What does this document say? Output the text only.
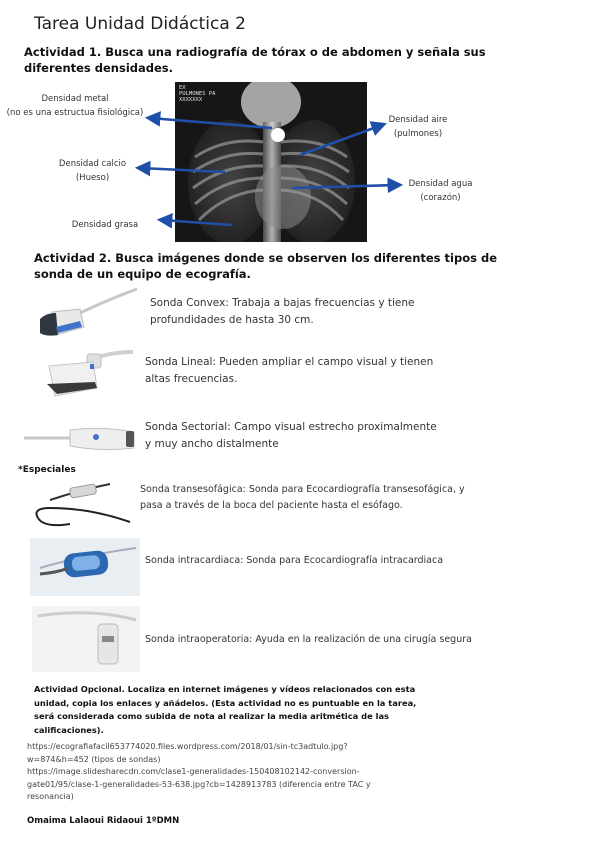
Tarea Unidad Didáctica 2
Actividad 1. Busca una radiografía de tórax o de abdomen y señala sus diferentes densidades.
EX
PULMONES PA
XXXXXXX
Densidad metal
(no es una estructua fisiológica)
Densidad calcio
(Hueso)
Densidad grasa
Densidad aire
(pulmones)
Densidad agua
(corazón)
Actividad 2. Busca imágenes donde se observen los diferentes tipos de sonda de un equipo de ecografía.
Sonda Convex: Trabaja a bajas frecuencias y tiene
profundidades de hasta 30 cm.
Sonda Lineal: Pueden ampliar el campo visual y tienen
altas frecuencias.
Sonda Sectorial: Campo visual estrecho proximalmente
y muy ancho distalmente
*Especiales
Sonda transesofágica: Sonda para Ecocardiografía transesofágica, y
pasa a través de la boca del paciente hasta el esófago.
Sonda intracardiaca: Sonda para Ecocardiografía intracardiaca
Sonda intraoperatoria: Ayuda en la realización de una cirugía segura
Actividad Opcional. Localiza en internet imágenes y vídeos relacionados con esta
unidad, copia los enlaces y añádelos. (Esta actividad no es puntuable en la tarea,
será considerada como subida de nota al realizar la media aritmética de las
calificaciones).
https://ecografiafacil653774020.files.wordpress.com/2018/01/sin-tc3adtulo.jpg?
w=874&h=452 (tipos de sondas)
https://image.slidesharecdn.com/clase1-generalidades-150408102142-conversion-
gate01/95/clase-1-generalidades-53-638.jpg?cb=1428913783 (diferencia entre TAC y
resonancia)
Omaima Lalaoui Ridaoui 1ºDMN
